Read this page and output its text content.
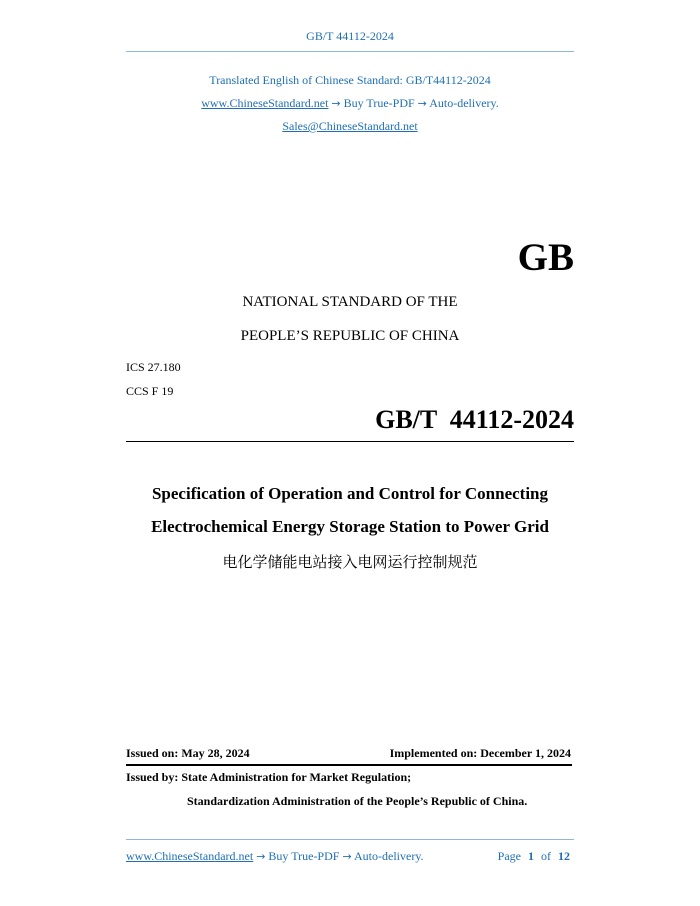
GB/T 44112-2024
Translated English of Chinese Standard: GB/T44112-2024
www.ChineseStandard.net → Buy True-PDF → Auto-delivery.
Sales@ChineseStandard.net
GB
NATIONAL STANDARD OF THE
PEOPLE’S REPUBLIC OF CHINA
ICS 27.180
CCS F 19
GB/T  44112-2024
Specification of Operation and Control for Connecting
Electrochemical Energy Storage Station to Power Grid
电化学储能电站接入电网运行控制规范
Issued on: May 28, 2024	Implemented on: December 1, 2024
Issued by: State Administration for Market Regulation;
Standardization Administration of the People’s Republic of China.
www.ChineseStandard.net → Buy True-PDF → Auto-delivery.	Page 1 of 12
